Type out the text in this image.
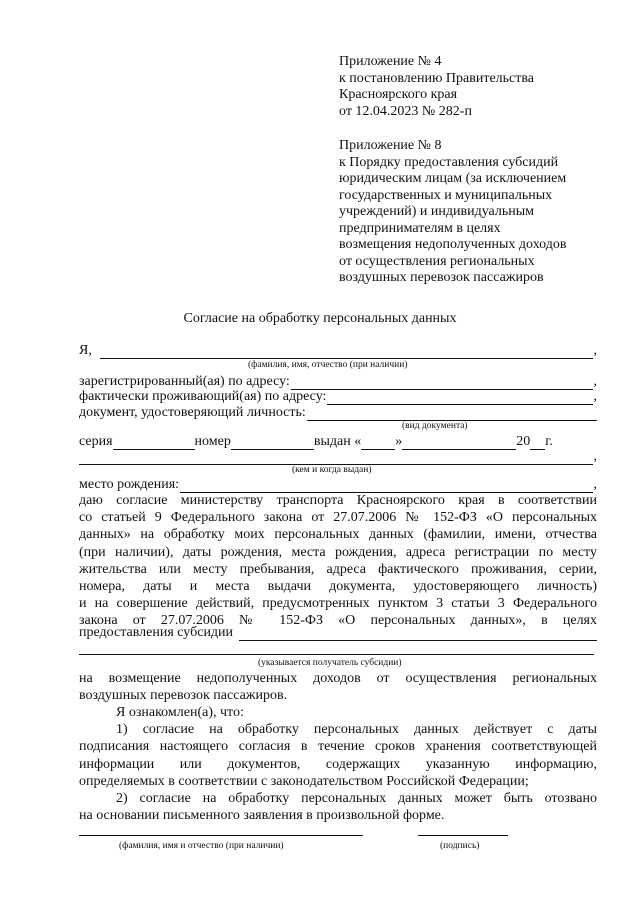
Приложение № 4
к постановлению Правительства
Красноярского края
от 12.04.2023 № 282-п
Приложение № 8
к Порядку предоставления субсидий
юридическим лицам (за исключением
государственных и муниципальных
учреждений) и индивидуальным
предпринимателям в целях
возмещения недополученных доходов
от осуществления региональных
воздушных перевозок пассажиров
Согласие на обработку персональных данных
Я,	,
(фамилия, имя, отчество (при наличии)
зарегистрированный(ая) по адресу:	,
фактически проживающий(ая) по адресу:	,
документ, удостоверяющий личность:
(вид документа)
серия	номер	выдан « »	20 г.
,
(кем и когда выдан)
место рождения:	,

даю согласие министерству транспорта Красноярского края в соответствии

со статьей 9 Федерального закона от 27.07.2006 № 152-ФЗ «О персональных

данных» на обработку моих персональных данных (фамилии, имени, отчества

(при наличии), даты рождения, места рождения, адреса регистрации по месту

жительства или месту пребывания, адреса фактического проживания, серии,

номера, даты и места выдачи документа, удостоверяющего личность)

и на совершение действий, предусмотренных пунктом 3 статьи 3 Федерального

закона от 27.07.2006 № 152-ФЗ «О персональных данных», в целях

предоставления субсидии
(указывается получатель субсидии)

на возмещение недополученных доходов от осуществления региональных

воздушных перевозок пассажиров.

Я ознакомлен(а), что:

1) согласие на обработку персональных данных действует с даты

подписания настоящего согласия в течение сроков хранения соответствующей

информации или документов, содержащих указанную информацию,

определяемых в соответствии с законодательством Российской Федерации;

2) согласие на обработку персональных данных может быть отозвано

на основании письменного заявления в произвольной форме.

(фамилия, имя и отчество (при наличии)	(подпись)
